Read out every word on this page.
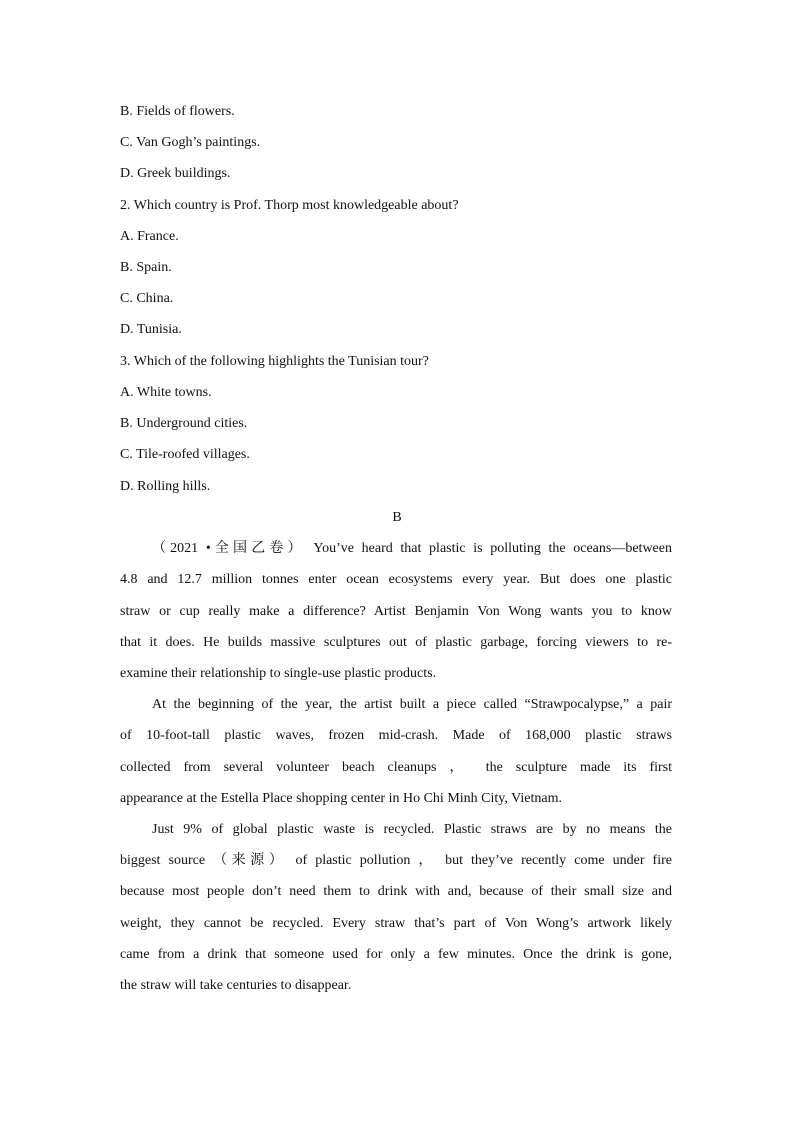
B. Fields of flowers.
C. Van Gogh’s paintings.
D. Greek buildings.
2. Which country is Prof. Thorp most knowledgeable about?
A. France.
B. Spain.
C. China.
D. Tunisia.
3. Which of the following highlights the Tunisian tour?
A. White towns.
B. Underground cities.
C. Tile-roofed villages.
D. Rolling hills.
B
（2021 •全国乙卷） You’ve heard that plastic is polluting the oceans—between
4.8 and 12.7 million tonnes enter ocean ecosystems every year. But does one plastic
straw or cup really make a difference? Artist Benjamin Von Wong wants you to know
that it does. He builds massive sculptures out of plastic garbage, forcing viewers to re-
examine their relationship to single-use plastic products.
At the beginning of the year, the artist built a piece called “Strawpocalypse,” a pair
of 10-foot-tall plastic waves, frozen mid-crash. Made of 168,000 plastic straws
collected from several volunteer beach cleanups ， the sculpture made its first
appearance at the Estella Place shopping center in Ho Chi Minh City, Vietnam.
Just 9% of global plastic waste is recycled. Plastic straws are by no means the
biggest source （来源） of plastic pollution ， but they’ve recently come under fire
because most people don’t need them to drink with and, because of their small size and
weight, they cannot be recycled. Every straw that’s part of Von Wong’s artwork likely
came from a drink that someone used for only a few minutes. Once the drink is gone,
the straw will take centuries to disappear.
